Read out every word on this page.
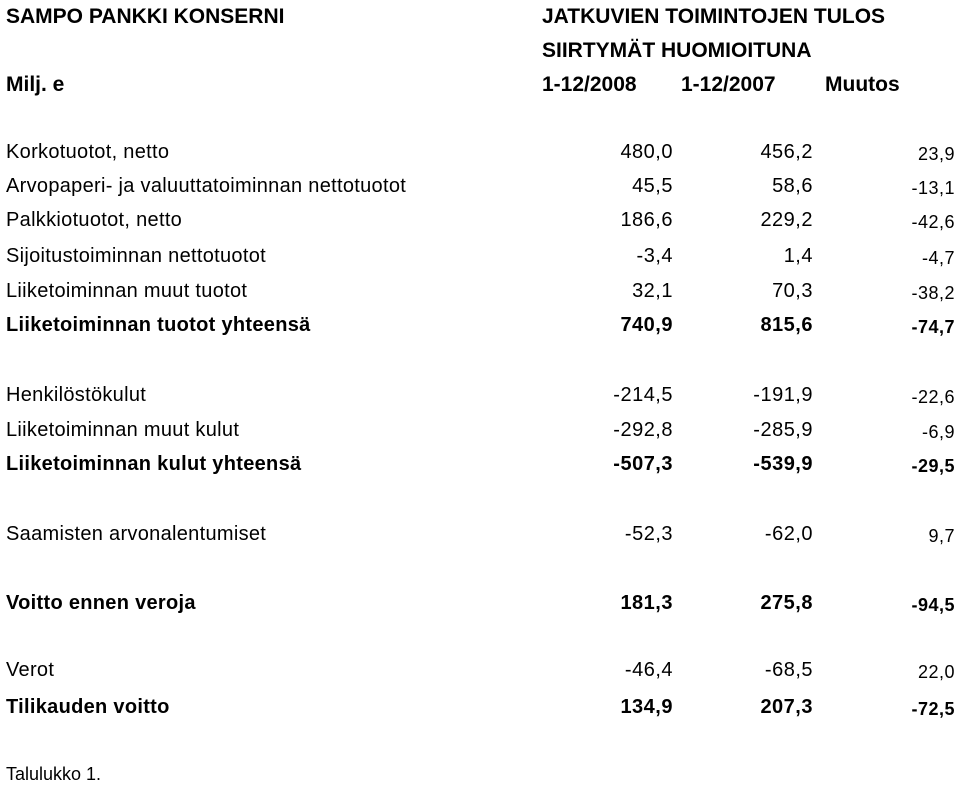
SAMPO PANKKI KONSERNI	JATKUVIEN TOIMINTOJEN TULOS
SIIRTYMÄT HUOMIOITUNA
Milj. e	1-12/2008 1-12/2007 Muutos
Korkotuotot, netto	480,0	456,2	23,9
Arvopaperi- ja valuuttatoiminnan nettotuotot	45,5	58,6	-13,1
Palkkiotuotot, netto	186,6	229,2	-42,6
Sijoitustoiminnan nettotuotot	-3,4	1,4	-4,7
Liiketoiminnan muut tuotot	32,1	70,3	-38,2
Liiketoiminnan tuotot yhteensä	740,9	815,6	-74,7
Henkilöstökulut	-214,5	-191,9	-22,6
Liiketoiminnan muut kulut	-292,8	-285,9	-6,9
Liiketoiminnan kulut yhteensä	-507,3	-539,9	-29,5
Saamisten arvonalentumiset	-52,3	-62,0	9,7
Voitto ennen veroja	181,3	275,8	-94,5
Verot	-46,4	-68,5	22,0
Tilikauden voitto	134,9	207,3	-72,5
Talulukko 1.
